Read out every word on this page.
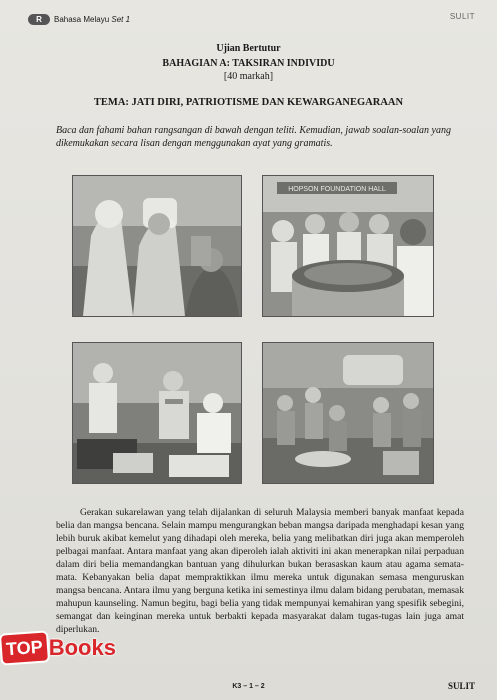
R	Bahasa Melayu Set 1	SULIT
Ujian Bertutur
BAHAGIAN A: TAKSIRAN INDIVIDU
[40 markah]
TEMA: JATI DIRI, PATRIOTISME DAN KEWARGANEGARAAN
Baca dan fahami bahan rangsangan di bawah dengan teliti. Kemudian, jawab soalan-soalan yang dikemukakan secara lisan dengan menggunakan ayat yang gramatis.
HOPSON FOUNDATION HALL

Gerakan sukarelawan yang telah dijalankan di seluruh Malaysia memberi banyak manfaat kepada belia dan mangsa bencana. Selain mampu mengurangkan beban mangsa daripada menghadapi kesan yang lebih buruk akibat kemelut yang dihadapi oleh mereka, belia yang melibatkan diri juga akan memperoleh pelbagai manfaat. Antara manfaat yang akan diperoleh ialah aktiviti ini akan menerapkan nilai perpaduan dalam diri belia memandangkan bantuan yang dihulurkan bukan berasaskan kaum atau agama semata-mata. Kebanyakan belia dapat mempraktikkan ilmu mereka untuk digunakan semasa menguruskan mangsa bencana. Antara ilmu yang berguna ketika ini semestinya ilmu dalam bidang perubatan, memasak mahupun kaunseling. Namun begitu, bagi belia yang tidak mempunyai kemahiran yang spesifik sebegini, semangat dan keinginan mereka untuk berbakti kepada masyarakat dalam tugas-tugas lain juga amat diperlukan.

K3 – 1 – 2	SULIT
TOP Books
